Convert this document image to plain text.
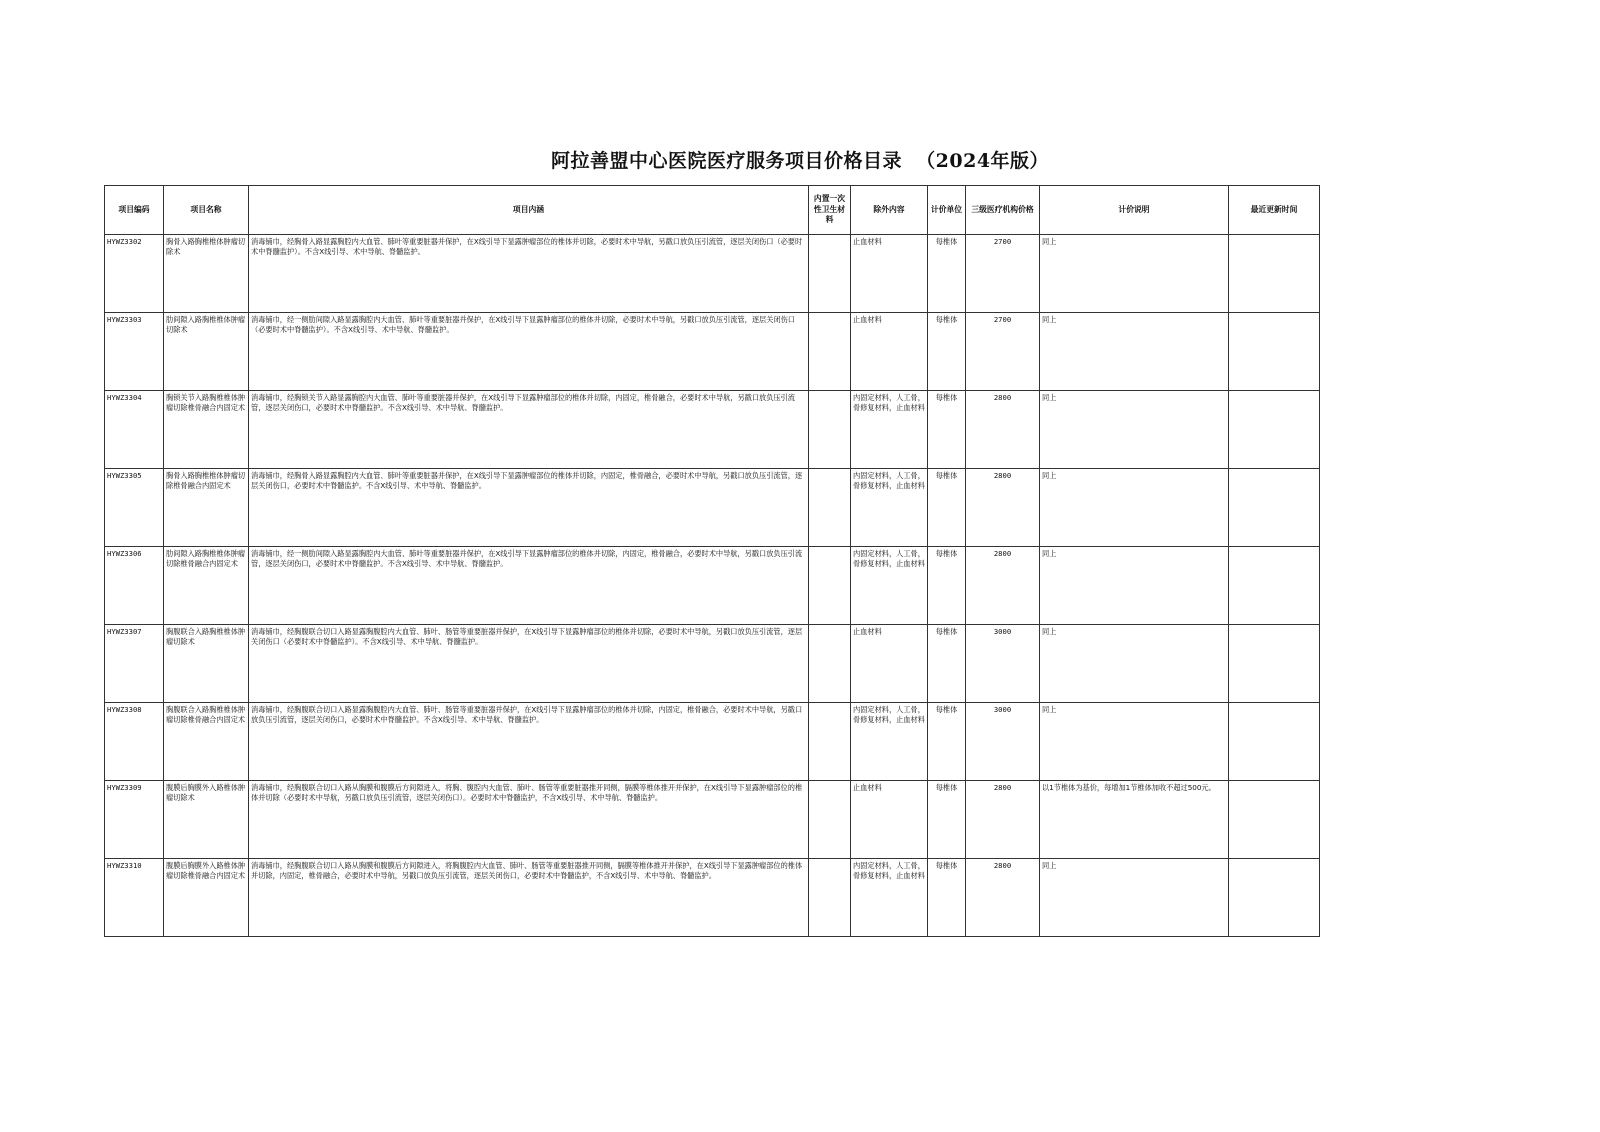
阿拉善盟中心医院医疗服务项目价格目录  （2024年版）
项目编码	项目名称	项目内涵	内置一次性卫生材料	除外内容	计价单位	三级医疗机构价格	计价说明	最近更新时间
HYWZ3302	胸骨入路胸椎椎体肿瘤切除术	消毒铺巾，经胸骨入路显露胸腔内大血管、肺叶等重要脏器并保护，在X线引导下显露肿瘤部位的椎体并切除，必要时术中导航，另戳口放负压引流管，逐层关闭伤口（必要时术中脊髓监护）。不含X线引导、术中导航、脊髓监护。		止血材料	每椎体	2700	同上	
HYWZ3303	肋间隙入路胸椎椎体肿瘤切除术	消毒铺巾，经一侧肋间隙入路显露胸腔内大血管、肺叶等重要脏器并保护，在X线引导下显露肿瘤部位的椎体并切除，必要时术中导航，另戳口放负压引流管，逐层关闭伤口（必要时术中脊髓监护）。不含X线引导、术中导航、脊髓监护。		止血材料	每椎体	2700	同上	
HYWZ3304	胸锁关节入路胸椎椎体肿瘤切除椎骨融合内固定术	消毒铺巾，经胸锁关节入路显露胸腔内大血管、肺叶等重要脏器并保护，在X线引导下显露肿瘤部位的椎体并切除，内固定，椎骨融合，必要时术中导航，另戳口放负压引流管，逐层关闭伤口，必要时术中脊髓监护。不含X线引导、术中导航、脊髓监护。		内固定材料，人工骨，骨修复材料，止血材料	每椎体	2800	同上	
HYWZ3305	胸骨入路胸椎椎体肿瘤切除椎骨融合内固定术	消毒铺巾，经胸骨入路显露胸腔内大血管、肺叶等重要脏器并保护，在X线引导下显露肿瘤部位的椎体并切除，内固定，椎骨融合，必要时术中导航，另戳口放负压引流管，逐层关闭伤口，必要时术中脊髓监护。不含X线引导、术中导航、脊髓监护。		内固定材料，人工骨，骨修复材料，止血材料	每椎体	2800	同上	
HYWZ3306	肋间隙入路胸椎椎体肿瘤切除椎骨融合内固定术	消毒铺巾，经一侧肋间隙入路显露胸腔内大血管、肺叶等重要脏器并保护，在X线引导下显露肿瘤部位的椎体并切除，内固定，椎骨融合，必要时术中导航，另戳口放负压引流管，逐层关闭伤口，必要时术中脊髓监护。不含X线引导、术中导航、脊髓监护。		内固定材料，人工骨，骨修复材料，止血材料	每椎体	2800	同上	
HYWZ3307	胸腹联合入路胸椎椎体肿瘤切除术	消毒铺巾，经胸腹联合切口入路显露胸腹腔内大血管、肺叶、肠管等重要脏器并保护，在X线引导下显露肿瘤部位的椎体并切除，必要时术中导航，另戳口放负压引流管，逐层关闭伤口（必要时术中脊髓监护）。不含X线引导、术中导航、脊髓监护。		止血材料	每椎体	3000	同上	
HYWZ3308	胸腹联合入路胸椎椎体肿瘤切除椎骨融合内固定术	消毒铺巾，经胸腹联合切口入路显露胸腹腔内大血管、肺叶、肠管等重要脏器并保护，在X线引导下显露肿瘤部位的椎体并切除，内固定，椎骨融合，必要时术中导航，另戳口放负压引流管，逐层关闭伤口，必要时术中脊髓监护。不含X线引导、术中导航、脊髓监护。		内固定材料，人工骨，骨修复材料，止血材料	每椎体	3000	同上	
HYWZ3309	腹膜后胸膜外入路椎体肿瘤切除术	消毒铺巾，经胸腹联合切口入路从胸膜和腹膜后方间隙进入，将胸、腹腔内大血管、肺叶、肠管等重要脏器推开同侧，膈膜等椎体推开并保护，在X线引导下显露肿瘤部位的椎体并切除（必要时术中导航，另戳口放负压引流管，逐层关闭伤口）。必要时术中脊髓监护，不含X线引导、术中导航、脊髓监护。		止血材料	每椎体	2800	以1节椎体为基价，每增加1节椎体加收不超过500元。	
HYWZ3310	腹膜后胸膜外入路椎体肿瘤切除椎骨融合内固定术	消毒铺巾，经胸腹联合切口入路从胸膜和腹膜后方间隙进入，将胸腹腔内大血管、肺叶、肠管等重要脏器推开同侧，膈膜等椎体推开并保护，在X线引导下显露肿瘤部位的椎体并切除，内固定，椎骨融合，必要时术中导航，另戳口放负压引流管，逐层关闭伤口，必要时术中脊髓监护，不含X线引导、术中导航、脊髓监护。		内固定材料，人工骨，骨修复材料，止血材料	每椎体	2800	同上	
